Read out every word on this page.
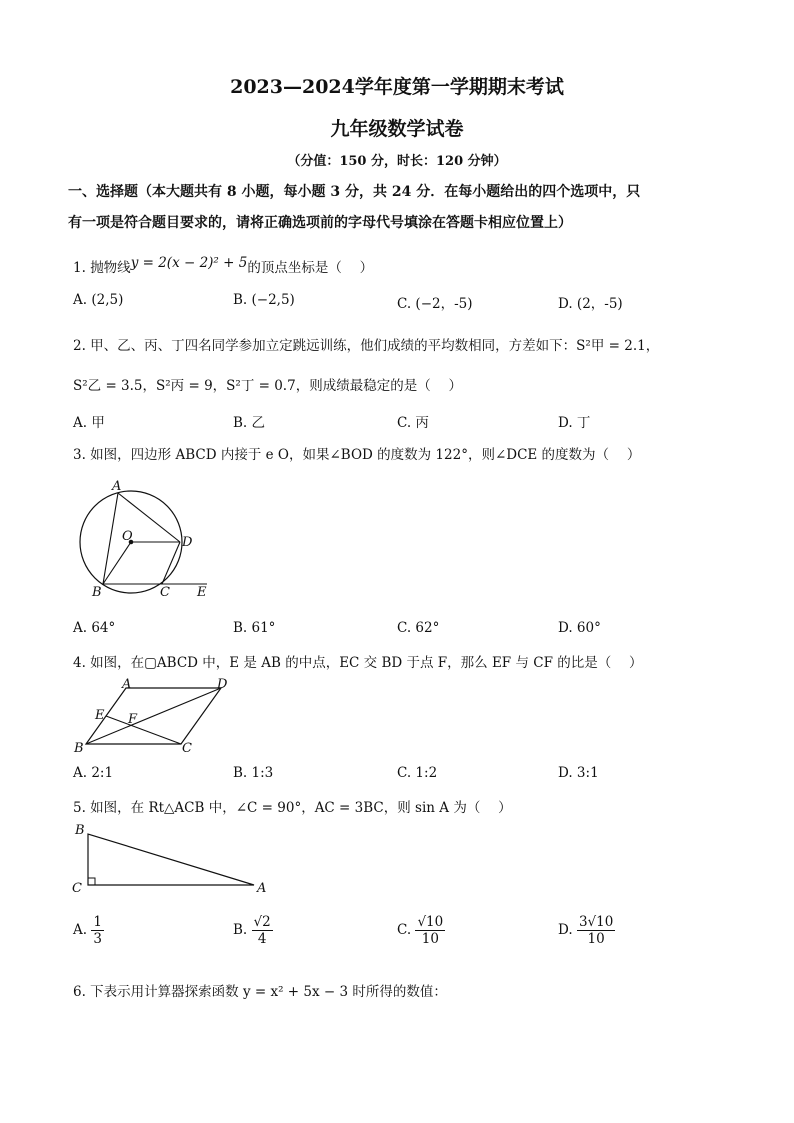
2023—2024学年度第一学期期末考试
九年级数学试卷
（分值：150 分，时长：120 分钟）
一、选择题（本大题共有 8 小题，每小题 3 分，共 24 分．在每小题给出的四个选项中，只
有一项是符合题目要求的，请将正确选项前的字母代号填涂在答题卡相应位置上）
1. 抛物线y = 2(x − 2)² + 5的顶点坐标是（　 ）
A. (2,5)	B. (−2,5)	C. (−2，-5)	D. (2，-5)
2. 甲、乙、丙、丁四名同学参加立定跳远训练，他们成绩的平均数相同，方差如下：S²甲 = 2.1，
S²乙 = 3.5，S²丙 = 9，S²丁 = 0.7，则成绩最稳定的是（　 ）
A. 甲	B. 乙	C. 丙	D. 丁
3. 如图，四边形 ABCD 内接于 e O，如果∠BOD 的度数为 122°，则∠DCE 的度数为（　 ）
A
O	D
B	C E
A. 64°	B. 61°	C. 62°	D. 60°
4. 如图，在▢ABCD 中，E 是 AB 的中点，EC 交 BD 于点 F，那么 EF 与 CF 的比是（　 ）
A	D
E F
B	C
A. 2:1	B. 1:3	C. 1:2	D. 3:1
5. 如图，在 Rt△ACB 中，∠C = 90°，AC = 3BC，则 sin A 为（　 ）
B
C	A
A. $\frac{1}{3}$	B. $\frac{√2}{4}$	C. $\frac{√10}{10}$	D. $\frac{3√10}{10}$
6. 下表示用计算器探索函数 y = x² + 5x − 3 时所得的数值：
